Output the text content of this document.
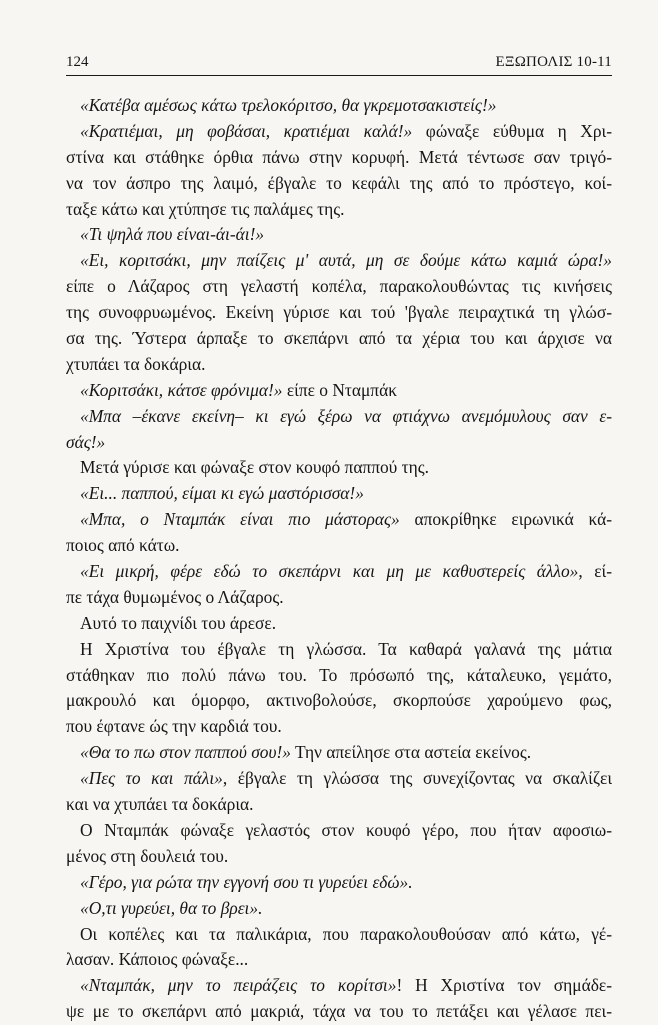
124	ΕΞΩΠΟΛΙΣ 10-11
«Κατέβα αμέσως κάτω τρελοκόριτσο, θα γκρεμοτσακιστείς!»
«Κρατιέμαι, μη φοβάσαι, κρατιέμαι καλά!» φώναξε εύθυμα η Χρι-
στίνα και στάθηκε όρθια πάνω στην κορυφή. Μετά τέντωσε σαν τριγό-
να τον άσπρο της λαιμό, έβγαλε το κεφάλι της από το πρόστεγο, κοί-
ταξε κάτω και χτύπησε τις παλάμες της.
«Τι ψηλά που είναι-άι-άι!»
«Ει, κοριτσάκι, μην παίζεις μ' αυτά, μη σε δούμε κάτω καμιά ώρα!»
είπε ο Λάζαρος στη γελαστή κοπέλα, παρακολουθώντας τις κινήσεις
της συνοφρυωμένος. Εκείνη γύρισε και τού 'βγαλε πειραχτικά τη γλώσ-
σα της. Ύστερα άρπαξε το σκεπάρνι από τα χέρια του και άρχισε να
χτυπάει τα δοκάρια.
«Κοριτσάκι, κάτσε φρόνιμα!» είπε ο Νταμπάκ
«Μπα –έκανε εκείνη– κι εγώ ξέρω να φτιάχνω ανεμόμυλους σαν ε-
σάς!»
Μετά γύρισε και φώναξε στον κουφό παππού της.
«Ει... παππού, είμαι κι εγώ μαστόρισσα!»
«Μπα, ο Νταμπάκ είναι πιο μάστορας» αποκρίθηκε ειρωνικά κά-
ποιος από κάτω.
«Ει μικρή, φέρε εδώ το σκεπάρνι και μη με καθυστερείς άλλο», εί-
πε τάχα θυμωμένος ο Λάζαρος.
Αυτό το παιχνίδι του άρεσε.
Η Χριστίνα του έβγαλε τη γλώσσα. Τα καθαρά γαλανά της μάτια
στάθηκαν πιο πολύ πάνω του. Το πρόσωπό της, κάταλευκο, γεμάτο,
μακρουλό και όμορφο, ακτινοβολούσε, σκορπούσε χαρούμενο φως,
που έφτανε ώς την καρδιά του.
«Θα το πω στον παππού σου!» Την απείλησε στα αστεία εκείνος.
«Πες το και πάλι», έβγαλε τη γλώσσα της συνεχίζοντας να σκαλίζει
και να χτυπάει τα δοκάρια.
Ο Νταμπάκ φώναξε γελαστός στον κουφό γέρο, που ήταν αφοσιω-
μένος στη δουλειά του.
«Γέρο, για ρώτα την εγγονή σου τι γυρεύει εδώ».
«Ο,τι γυρεύει, θα το βρει».
Οι κοπέλες και τα παλικάρια, που παρακολουθούσαν από κάτω, γέ-
λασαν. Κάποιος φώναξε...
«Νταμπάκ, μην το πειράζεις το κορίτσι»! Η Χριστίνα τον σημάδε-
ψε με το σκεπάρνι από μακριά, τάχα να του το πετάξει και γέλασε πει-
